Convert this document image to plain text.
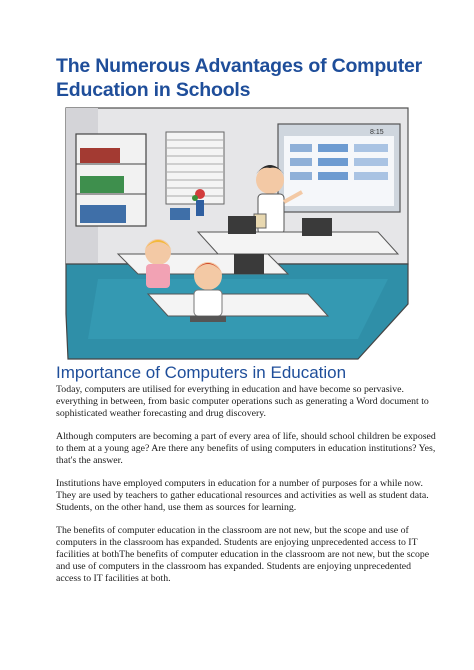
The Numerous Advantages of Computer Education in Schools
8:15
Importance of Computers in Education

Today, computers are utilised for everything in education and have become so pervasive. everything in between, from basic computer operations such as generating a Word document to sophisticated weather forecasting and drug discovery.

Although computers are becoming a part of every area of life, should school children be exposed to them at a young age? Are there any benefits of using computers in education institutions? Yes, that's the answer.

Institutions have employed computers in education for a number of purposes for a while now. They are used by teachers to gather educational resources and activities as well as student data. Students, on the other hand, use them as sources for learning.

The benefits of computer education in the classroom are not new, but the scope and use of computers in the classroom has expanded. Students are enjoying unprecedented access to IT facilities at bothThe benefits of computer education in the classroom are not new, but the scope and use of computers in the classroom has expanded. Students are enjoying unprecedented access to IT facilities at both.
